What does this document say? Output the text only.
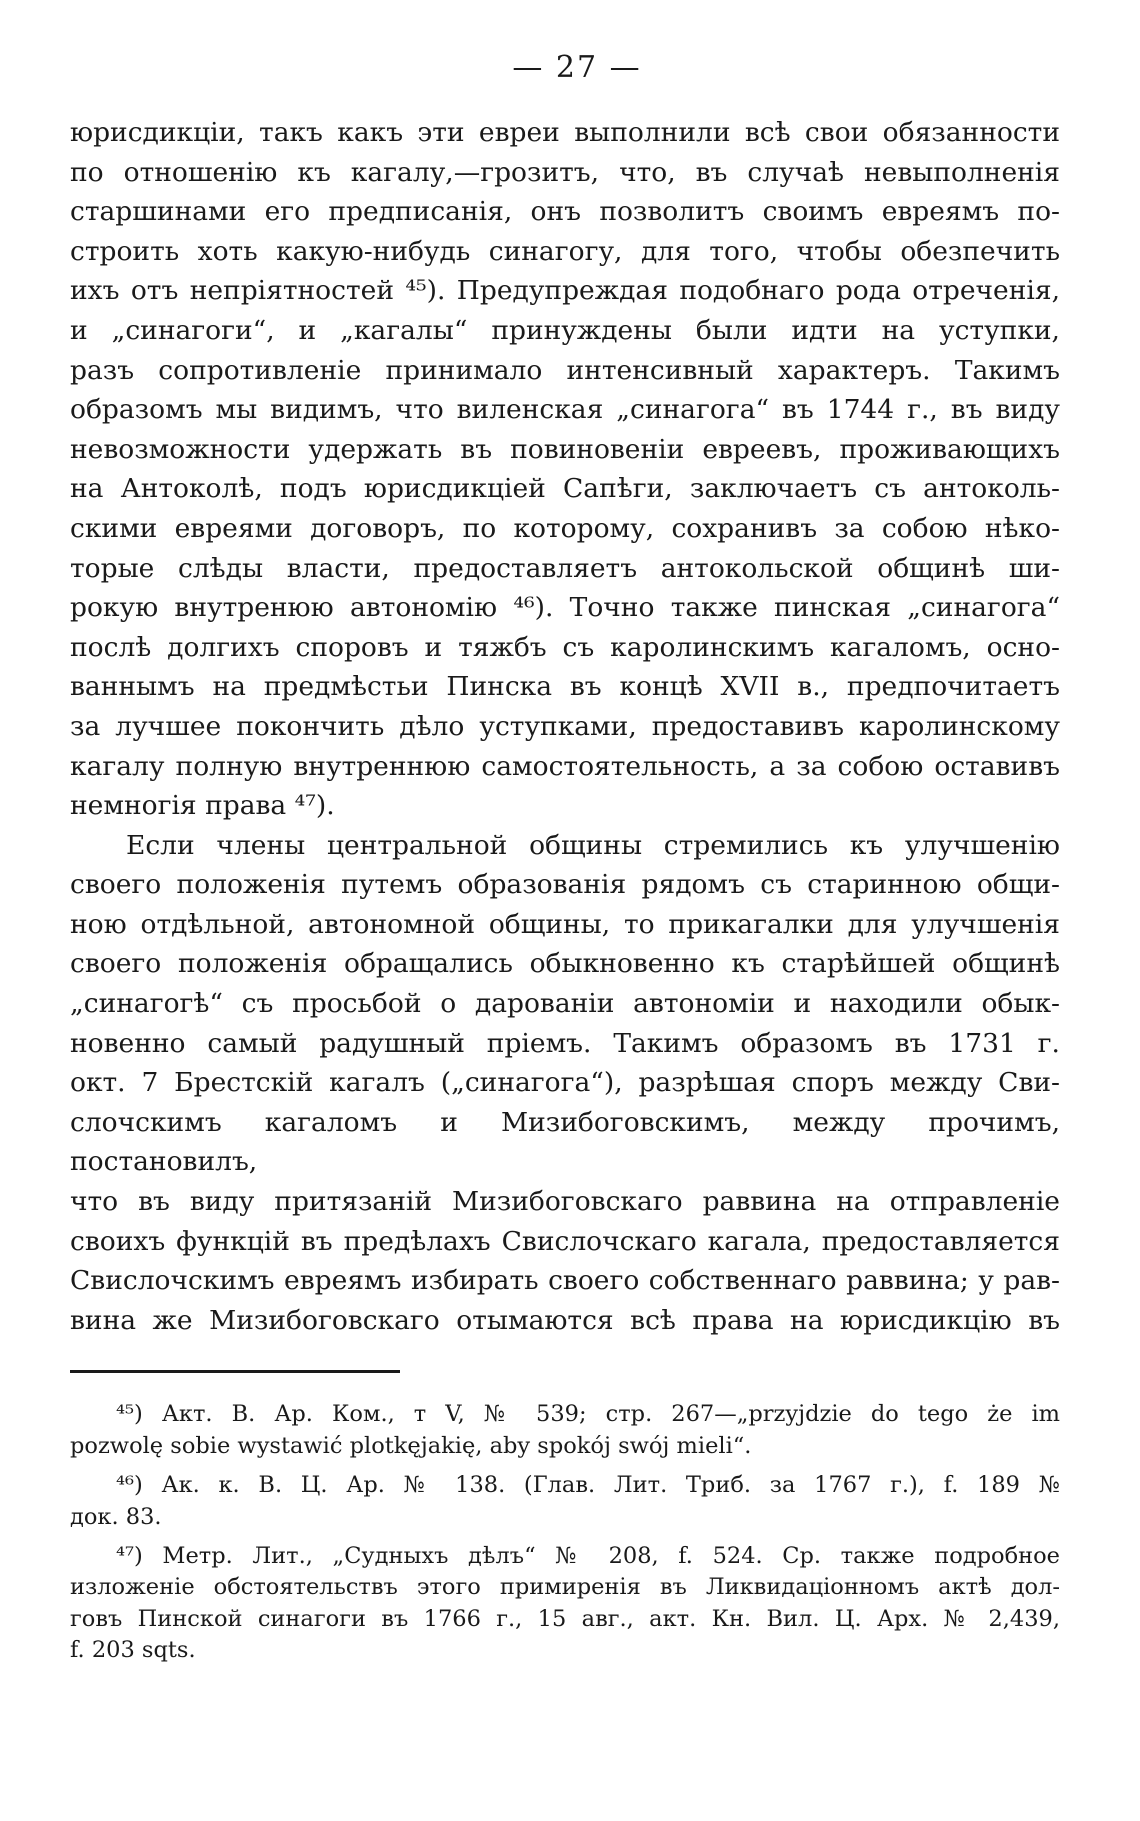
— 27 —

юрисдикціи, такъ какъ эти евреи выполнили всѣ свои обязанности

по отношенію къ кагалу,—грозитъ, что, въ случаѣ невыполненія

старшинами его предписанія, онъ позволитъ своимъ евреямъ по-

строить хоть какую-нибудь синагогу, для того, чтобы обезпечить

ихъ отъ непріятностей ⁴⁵). Предупреждая подобнаго рода отреченія,

и „синагоги“, и „кагалы“ принуждены были идти на уступки,

разъ сопротивленіе принимало интенсивный характеръ. Такимъ

образомъ мы видимъ, что виленская „синагога“ въ 1744 г., въ виду

невозможности удержать въ повиновеніи евреевъ, проживающихъ

на Антоколѣ, подъ юрисдикціей Сапѣги, заключаетъ съ антоколь-

скими евреями договоръ, по которому, сохранивъ за собою нѣко-

торые слѣды власти, предоставляетъ антокольской общинѣ ши-

рокую внутренюю автономію ⁴⁶). Точно также пинская „синагога“

послѣ долгихъ споровъ и тяжбъ съ каролинскимъ кагаломъ, осно-

ваннымъ на предмѣстьи Пинска въ концѣ XVII в., предпочитаетъ

за лучшее покончить дѣло уступками, предоставивъ каролинскому

кагалу полную внутреннюю самостоятельность, а за собою оставивъ

немногія права ⁴⁷).

Если члены центральной общины стремились къ улучшенію

своего положенія путемъ образованія рядомъ съ старинною общи-

ною отдѣльной, автономной общины, то прикагалки для улучшенія

своего положенія обращались обыкновенно къ старѣйшей общинѣ

„синагогѣ“ съ просьбой о дарованіи автономіи и находили обык-

новенно самый радушный пріемъ. Такимъ образомъ въ 1731 г.

окт. 7 Брестскій кагалъ („синагога“), разрѣшая споръ между Сви-

слочскимъ кагаломъ и Мизибоговскимъ, между прочимъ, постановилъ,

что въ виду притязаній Мизибоговскаго раввина на отправленіе

своихъ функцій въ предѣлахъ Свислочскаго кагала, предоставляется

Свислочскимъ евреямъ избирать своего собственнаго раввина; у рав-

вина же Мизибоговскаго отымаются всѣ права на юрисдикцію въ

⁴⁵) Акт. В. Ар. Ком., т V, № 539; стр. 267—„przyjdzie do tego że im

pozwolę sobie wystawić plotkęjakię, aby spokój swój mieli“.

⁴⁶) Ак. к. В. Ц. Ар. № 138. (Глав. Лит. Триб. за 1767 г.), f. 189 №

док. 83.

⁴⁷) Метр. Лит., „Судныхъ дѣлъ“ № 208, f. 524. Ср. также подробное

изложеніе обстоятельствъ этого примиренія въ Ликвидаціонномъ актѣ дол-

говъ Пинской синагоги въ 1766 г., 15 авг., акт. Кн. Вил. Ц. Арх. № 2,439,

f. 203 sqts.
